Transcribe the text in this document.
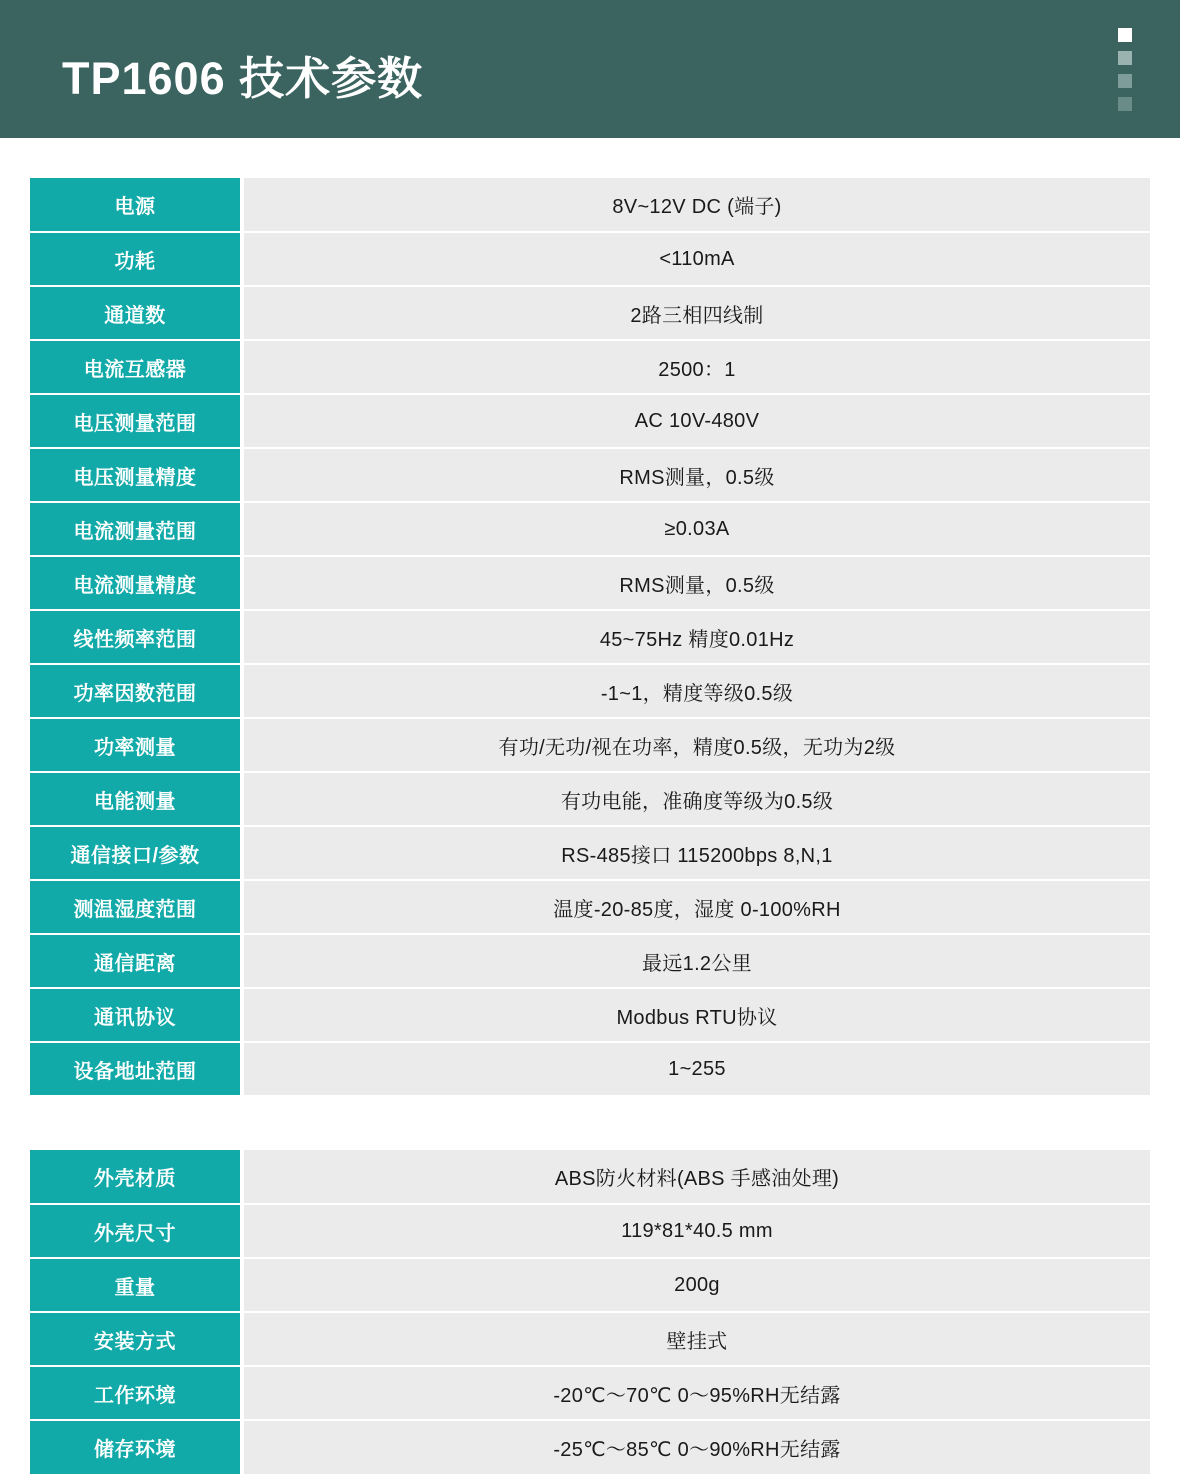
TP1606 技术参数
电源	8V~12V DC (端子)
功耗	<110mA
通道数	2路三相四线制
电流互感器	2500：1
电压测量范围	AC 10V-480V
电压测量精度	RMS测量，0.5级
电流测量范围	≥0.03A
电流测量精度	RMS测量，0.5级
线性频率范围	45~75Hz 精度0.01Hz
功率因数范围	-1~1，精度等级0.5级
功率测量	有功/无功/视在功率，精度0.5级，无功为2级
电能测量	有功电能，准确度等级为0.5级
通信接口/参数	RS-485接口 115200bps 8,N,1
测温湿度范围	温度-20-85度，湿度 0-100%RH
通信距离	最远1.2公里
通讯协议	Modbus RTU协议
设备地址范围	1~255

外壳材质	ABS防火材料(ABS 手感油处理)
外壳尺寸	119*81*40.5 mm
重量	200g
安装方式	壁挂式
工作环境	-20℃～70℃ 0～95%RH无结露
储存环境	-25℃～85℃ 0～90%RH无结露
